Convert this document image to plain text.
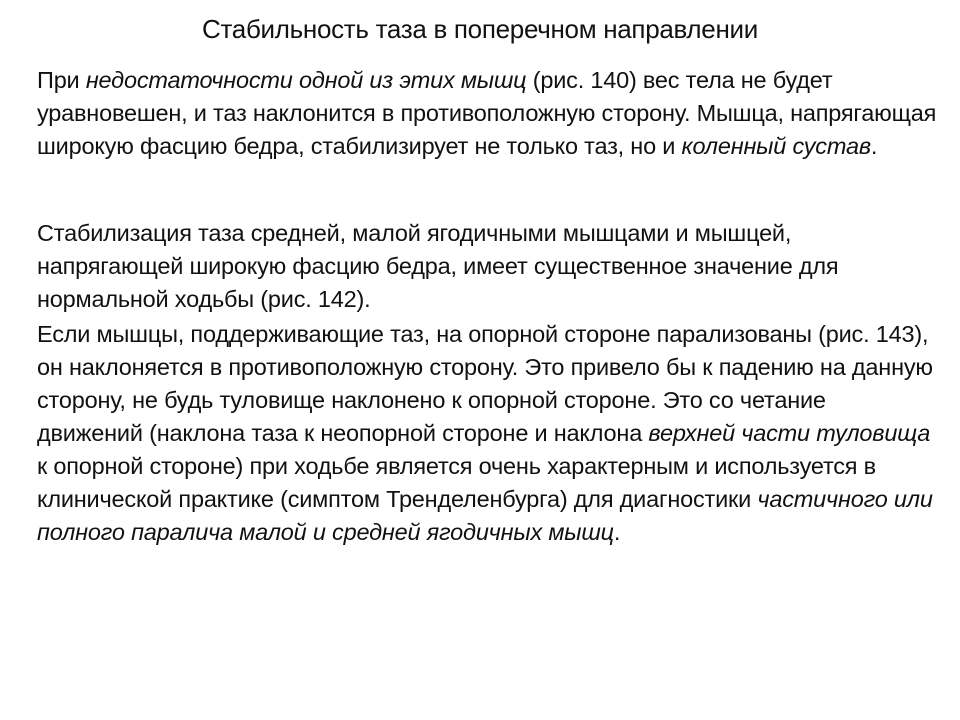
Стабильность таза в поперечном направлении

При недостаточности одной из этих мышц (рис. 140) вес тела не будет уравновешен, и таз наклонится в противоположную сторону. Мышца, напрягающая широкую фасцию бедра, стабилизирует не только таз, но и коленный сустав.

Стабилизация таза средней, малой ягодичными мышцами и мышцей, напрягающей широкую фасцию бедра, имеет существенное значение для нормальной ходьбы (рис. 142).

Если мышцы, поддерживающие таз, на опорной стороне парализованы (рис. 143), он наклоняется в противоположную сторону. Это привело бы к падению на данную сторону, не будь туловище наклонено к опорной стороне. Это со четание движений (наклона таза к неопорной стороне и наклона верхней части туловища к опорной стороне) при ходьбе является очень характерным и используется в клинической практике (симптом Тренделенбурга) для диагностики частичного или полного паралича малой и средней ягодичных мышц.
